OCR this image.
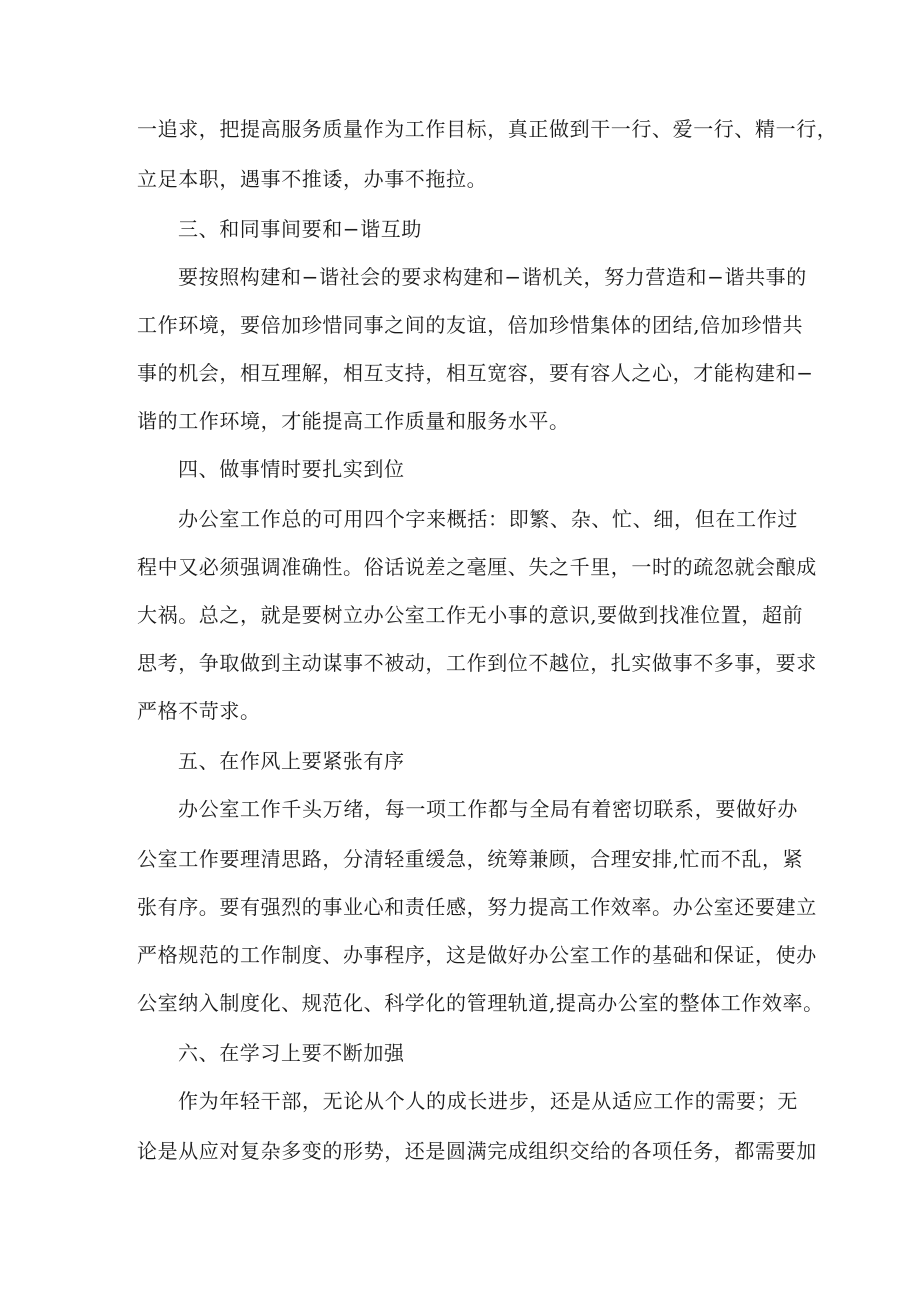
一追求，把提高服务质量作为工作目标，真正做到干一行、爱一行、精一行，
立足本职，遇事不推诿，办事不拖拉。
三、和同事间要和−谐互助
要按照构建和−谐社会的要求构建和−谐机关，努力营造和−谐共事的
工作环境，要倍加珍惜同事之间的友谊，倍加珍惜集体的团结,倍加珍惜共
事的机会，相互理解，相互支持，相互宽容，要有容人之心，才能构建和−
谐的工作环境，才能提高工作质量和服务水平。
四、做事情时要扎实到位
办公室工作总的可用四个字来概括：即繁、杂、忙、细，但在工作过
程中又必须强调准确性。俗话说差之毫厘、失之千里，一时的疏忽就会酿成
大祸。总之，就是要树立办公室工作无小事的意识,要做到找准位置，超前
思考，争取做到主动谋事不被动，工作到位不越位，扎实做事不多事，要求
严格不苛求。
五、在作风上要紧张有序
办公室工作千头万绪，每一项工作都与全局有着密切联系，要做好办
公室工作要理清思路，分清轻重缓急，统筹兼顾，合理安排,忙而不乱，紧
张有序。要有强烈的事业心和责任感，努力提高工作效率。办公室还要建立
严格规范的工作制度、办事程序，这是做好办公室工作的基础和保证，使办
公室纳入制度化、规范化、科学化的管理轨道,提高办公室的整体工作效率。
六、在学习上要不断加强
作为年轻干部，无论从个人的成长进步，还是从适应工作的需要；无
论是从应对复杂多变的形势，还是圆满完成组织交给的各项任务，都需要加
